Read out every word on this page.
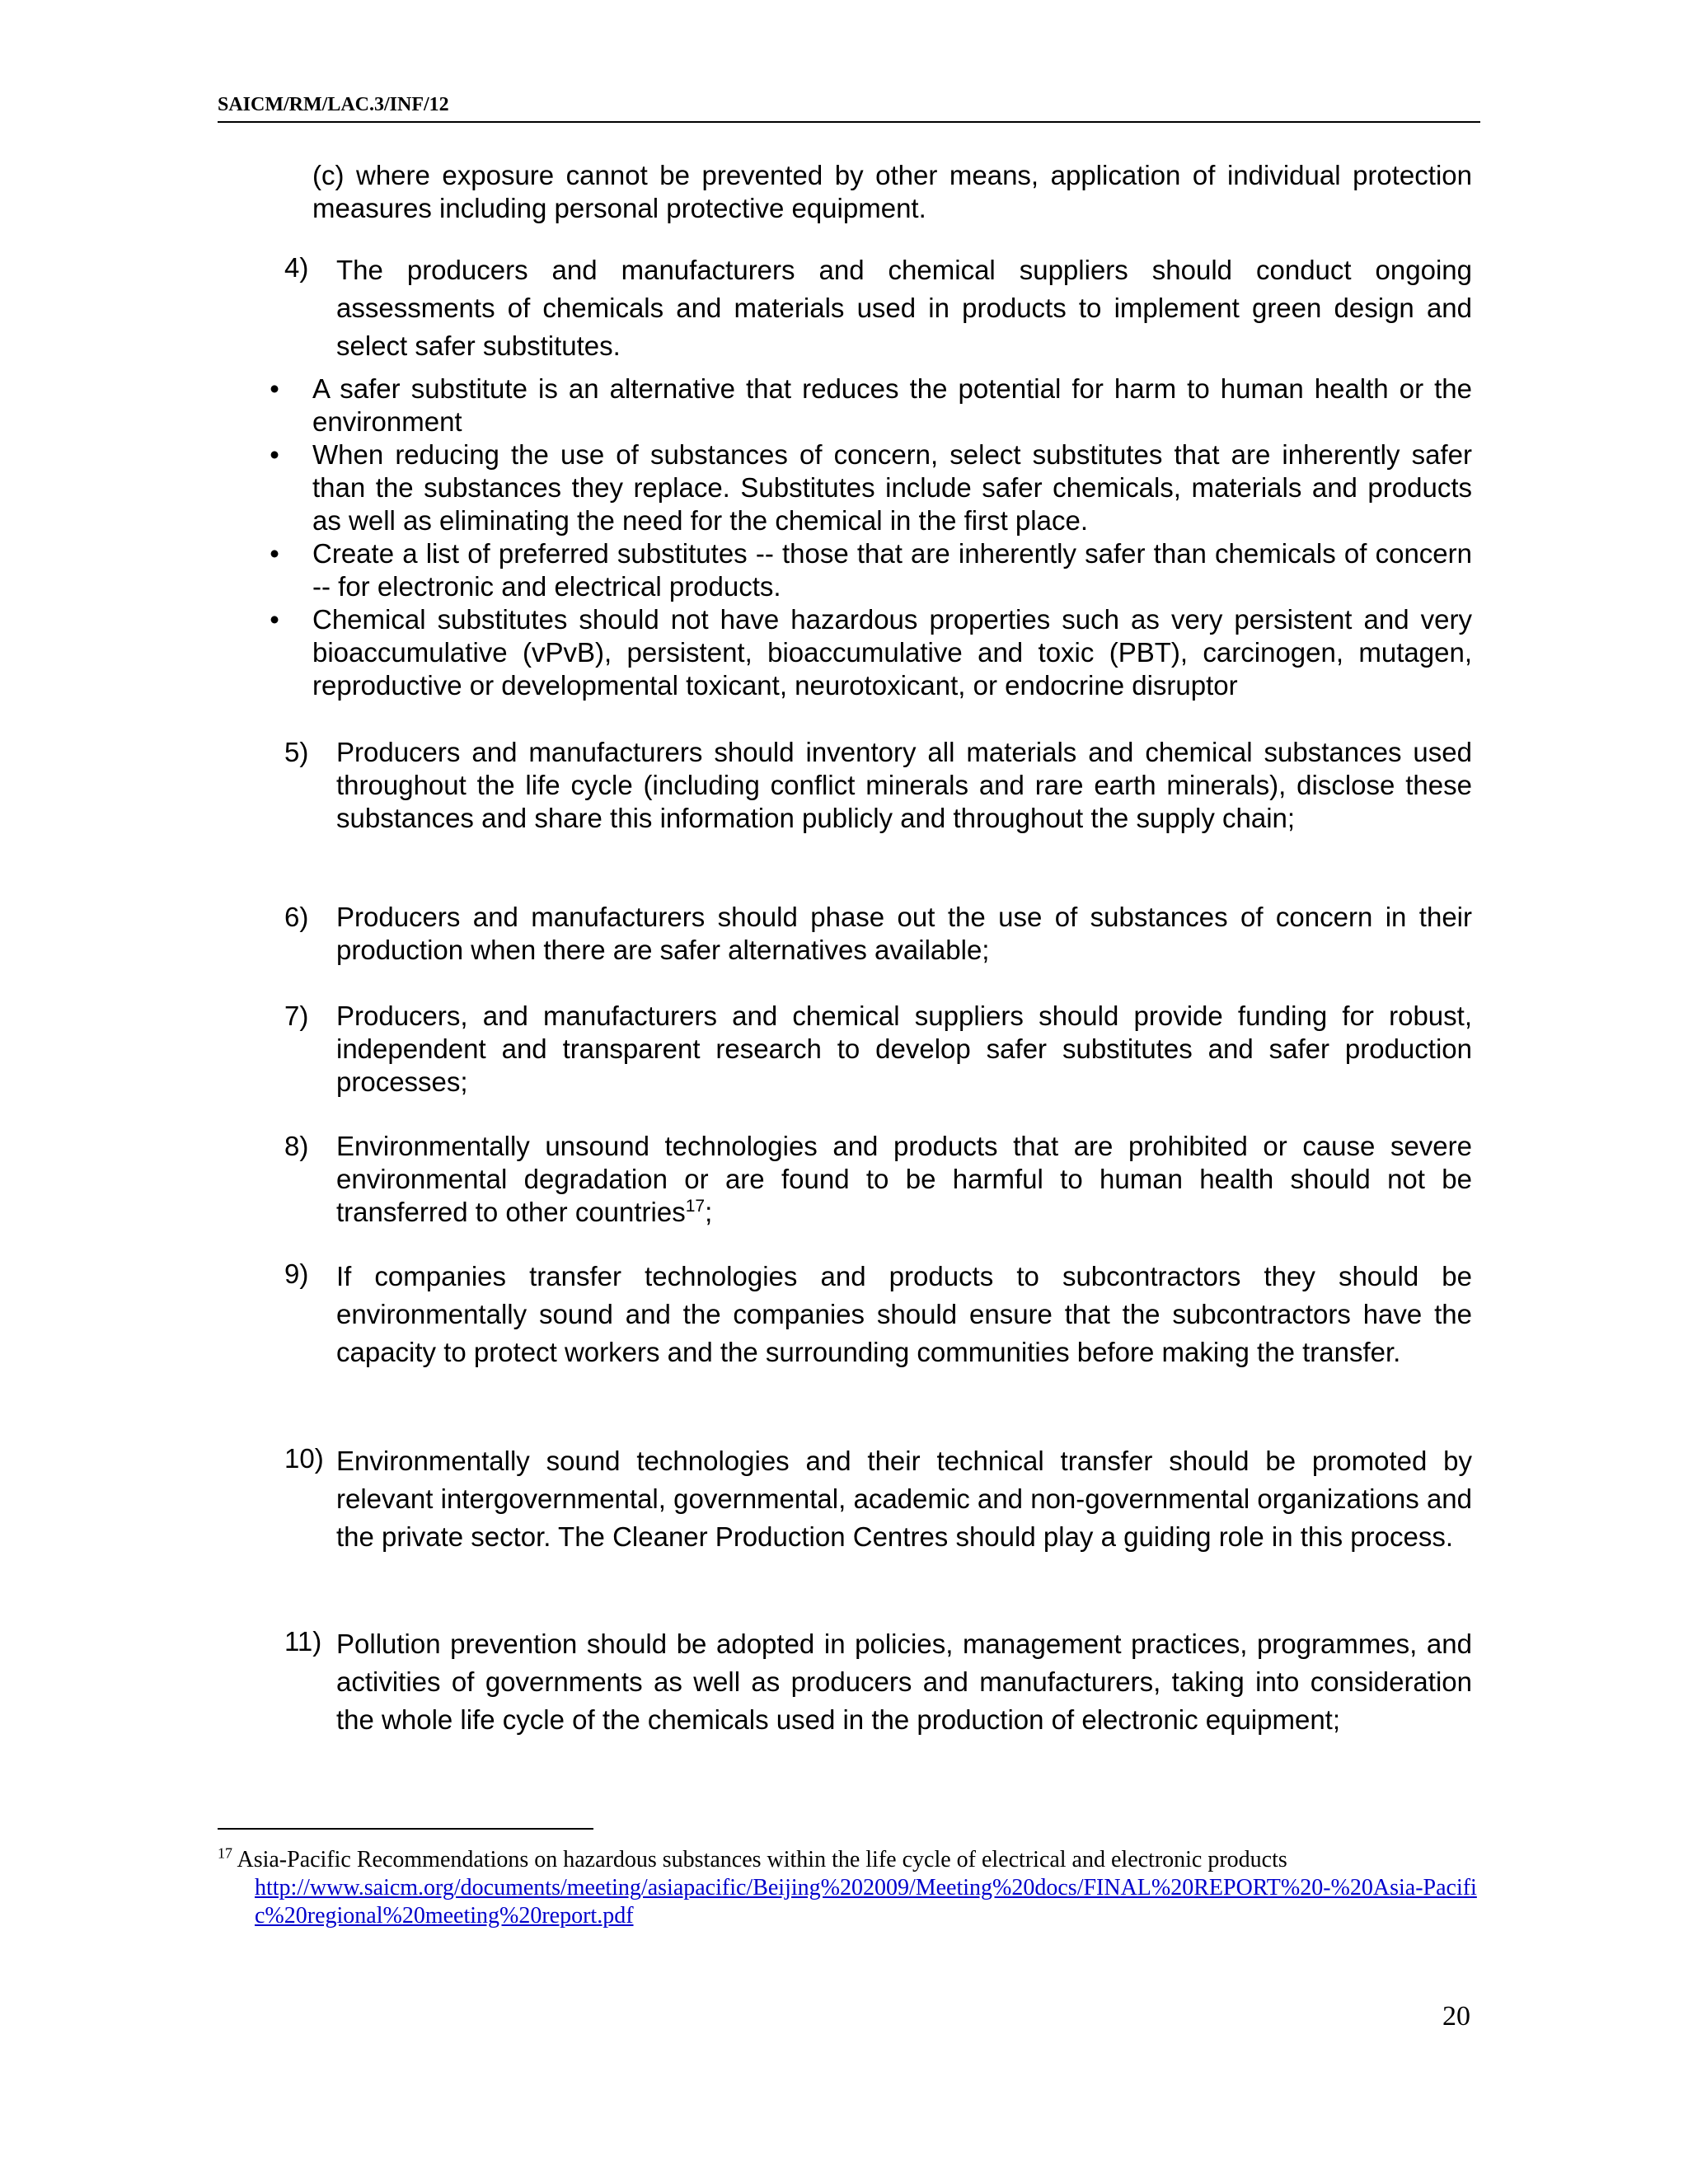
SAICM/RM/LAC.3/INF/12
(c) where exposure cannot be prevented by other means, application of individual protection measures including personal protective equipment.
4) The producers and manufacturers and chemical suppliers should conduct ongoing assessments of chemicals and materials used in products to implement green design and select safer substitutes.
• A safer substitute is an alternative that reduces the potential for harm to human health or the environment
• When reducing the use of substances of concern, select substitutes that are inherently safer than the substances they replace. Substitutes include safer chemicals, materials and products as well as eliminating the need for the chemical in the first place.
• Create a list of preferred substitutes -- those that are inherently safer than chemicals of concern -- for electronic and electrical products.
• Chemical substitutes should not have hazardous properties such as very persistent and very bioaccumulative (vPvB), persistent, bioaccumulative and toxic (PBT), carcinogen, mutagen, reproductive or developmental toxicant, neurotoxicant, or endocrine disruptor
5) Producers and manufacturers should inventory all materials and chemical substances used throughout the life cycle (including conflict minerals and rare earth minerals), disclose these substances and share this information publicly and throughout the supply chain;
6) Producers and manufacturers should phase out the use of substances of concern in their production when there are safer alternatives available;
7) Producers, and manufacturers and chemical suppliers should provide funding for robust, independent and transparent research to develop safer substitutes and safer production processes;
8) Environmentally unsound technologies and products that are prohibited or cause severe environmental degradation or are found to be harmful to human health should not be transferred to other countries$^{17}$;
9) If companies transfer technologies and products to subcontractors they should be environmentally sound and the companies should ensure that the subcontractors have the capacity to protect workers and the surrounding communities before making the transfer.
10) Environmentally sound technologies and their technical transfer should be promoted by relevant intergovernmental, governmental, academic and non-governmental organizations and the private sector. The Cleaner Production Centres should play a guiding role in this process.
11) Pollution prevention should be adopted in policies, management practices, programmes, and activities of governments as well as producers and manufacturers, taking into consideration the whole life cycle of the chemicals used in the production of electronic equipment;
$^{17}$ Asia-Pacific Recommendations on hazardous substances within the life cycle of electrical and electronic products
http://www.saicm.org/documents/meeting/asiapacific/Beijing%202009/Meeting%20docs/FINAL%20REPORT%20-%20Asia-Pacific%20regional%20meeting%20report.pdf
20
